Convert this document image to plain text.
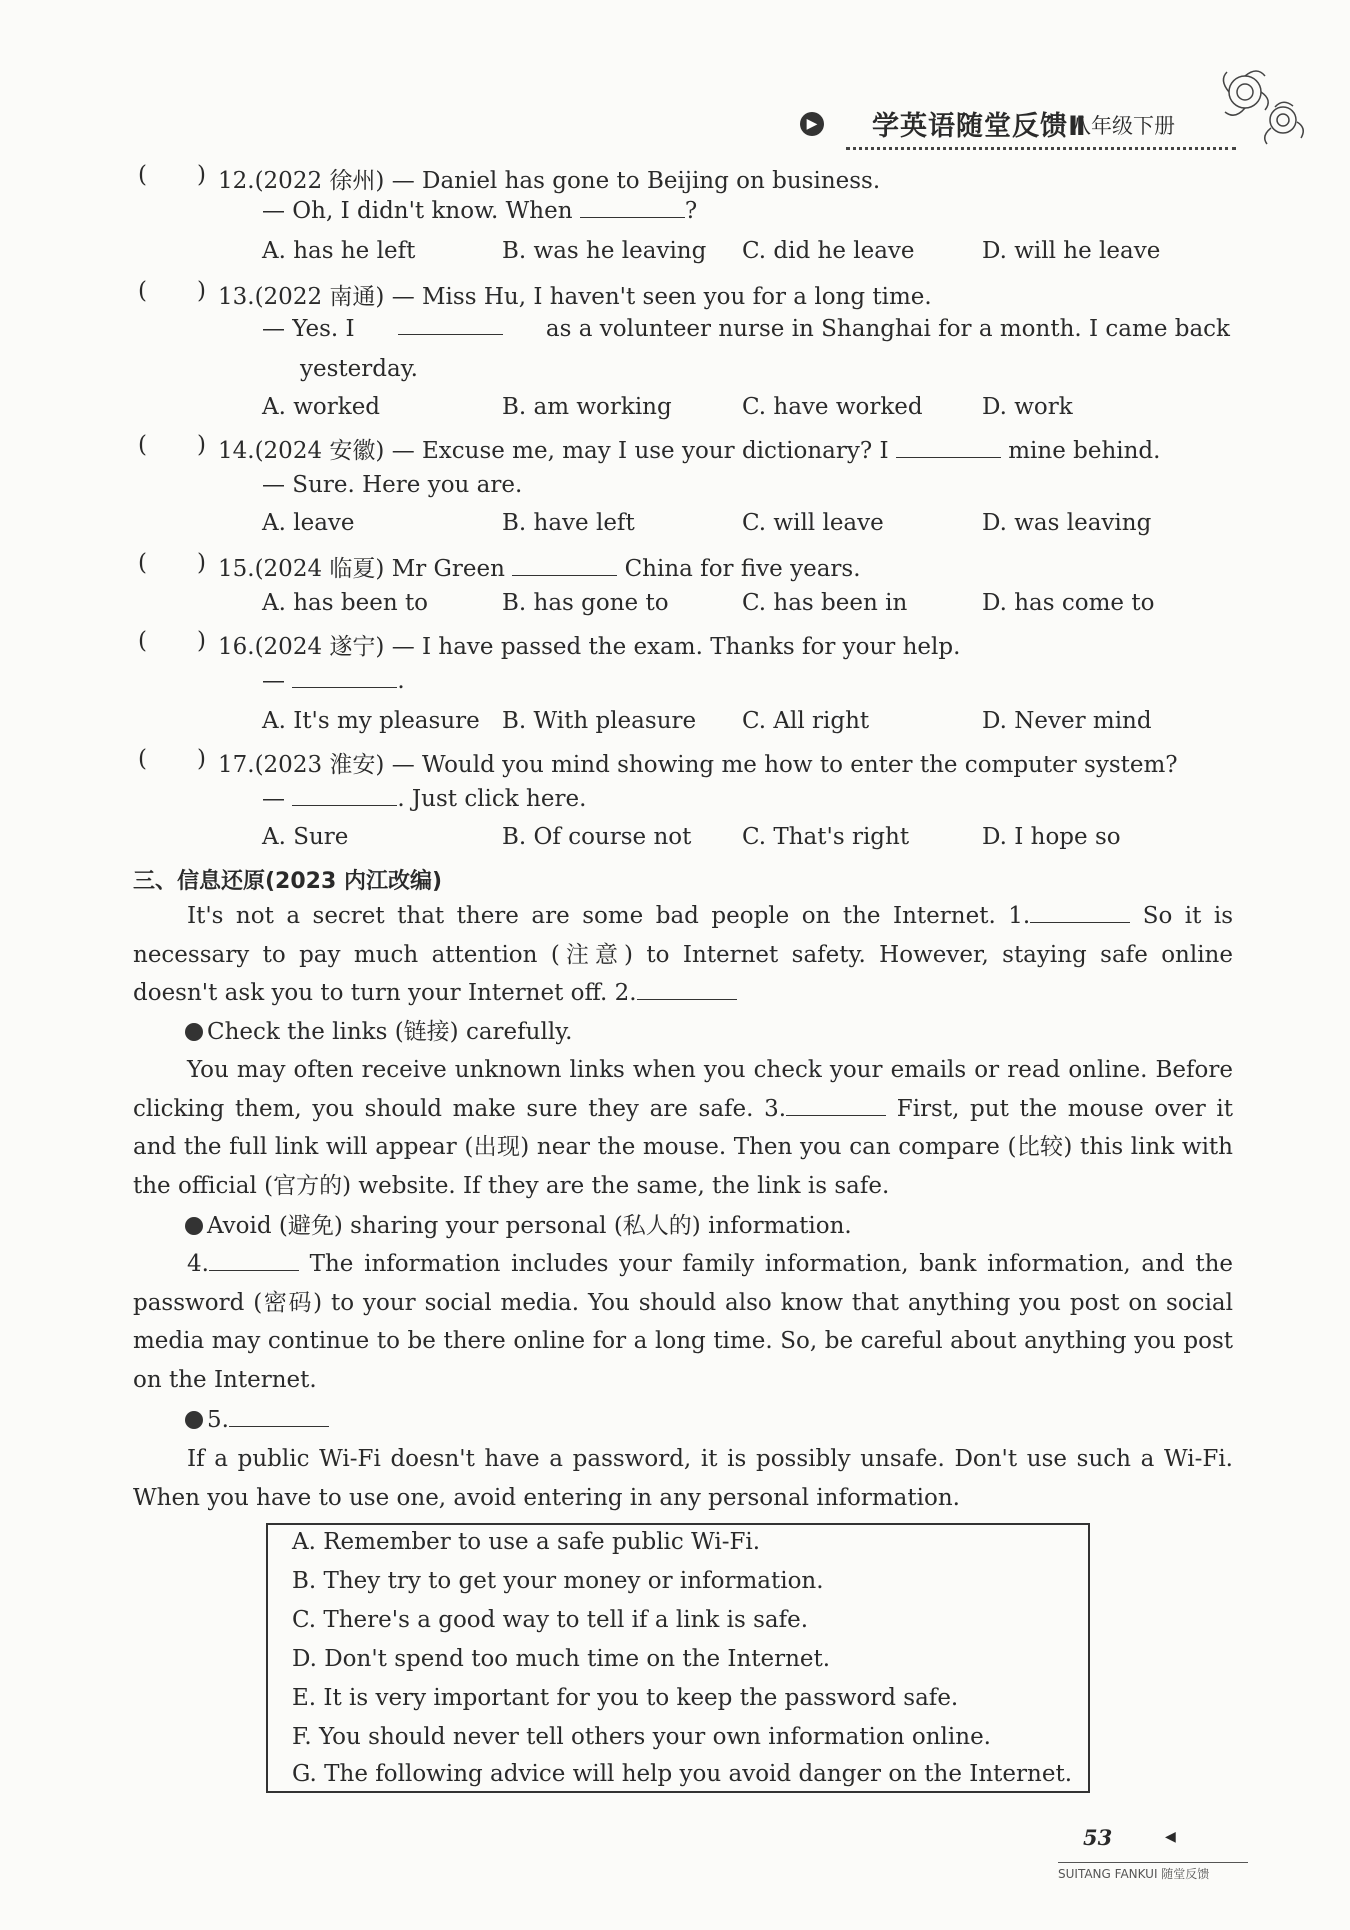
▶ 学英语随堂反馈Ⅱ
八年级下册
( ) 12.(2022 徐州) — Daniel has gone to Beijing on business.
— Oh, I didn't know. When	?
A. has he left	B. was he leaving C. did he leave	D. will he leave
( ) 13.(2022 南通) — Miss Hu, I haven't seen you for a long time.
— Yes. I	as a volunteer nurse in Shanghai for a month. I came back
yesterday.
A. worked	B. am working	C. have worked	D. work
( ) 14.(2024 安徽) — Excuse me, may I use your dictionary? I	mine behind.
— Sure. Here you are.
A. leave	B. have left	C. will leave	D. was leaving
( ) 15.(2024 临夏) Mr Green	China for five years.
A. has been to	B. has gone to	C. has been in	D. has come to
( ) 16.(2024 遂宁) — I have passed the exam. Thanks for your help.
—	.
A. It's my pleasure B. With pleasure C. All right	D. Never mind
( ) 17.(2023 淮安) — Would you mind showing me how to enter the computer system?
—	. Just click here.
A. Sure	B. Of course not C. That's right	D. I hope so
三、信息还原(2023 内江改编)
It's not a secret that there are some bad people on the Internet. 1.	So it is necessary to pay much attention (注意) to Internet safety. However, staying safe online doesn't ask you to turn your Internet off. 2.
Check the links (链接) carefully.
You may often receive unknown links when you check your emails or read online. Before clicking them, you should make sure they are safe. 3.	First, put the mouse over it and the full link will appear (出现) near the mouse. Then you can compare (比较) this link with the official (官方的) website. If they are the same, the link is safe.
Avoid (避免) sharing your personal (私人的) information.
4.	The information includes your family information, bank information, and the password (密码) to your social media. You should also know that anything you post on social media may continue to be there online for a long time. So, be careful about anything you post on the Internet.
5.
If a public Wi-Fi doesn't have a password, it is possibly unsafe. Don't use such a Wi-Fi. When you have to use one, avoid entering in any personal information.
A. Remember to use a safe public Wi-Fi.
B. They try to get your money or information.
C. There's a good way to tell if a link is safe.
D. Don't spend too much time on the Internet.
E. It is very important for you to keep the password safe.
F. You should never tell others your own information online.
G. The following advice will help you avoid danger on the Internet.
53	◀
SUITANG FANKUI 随堂反馈
